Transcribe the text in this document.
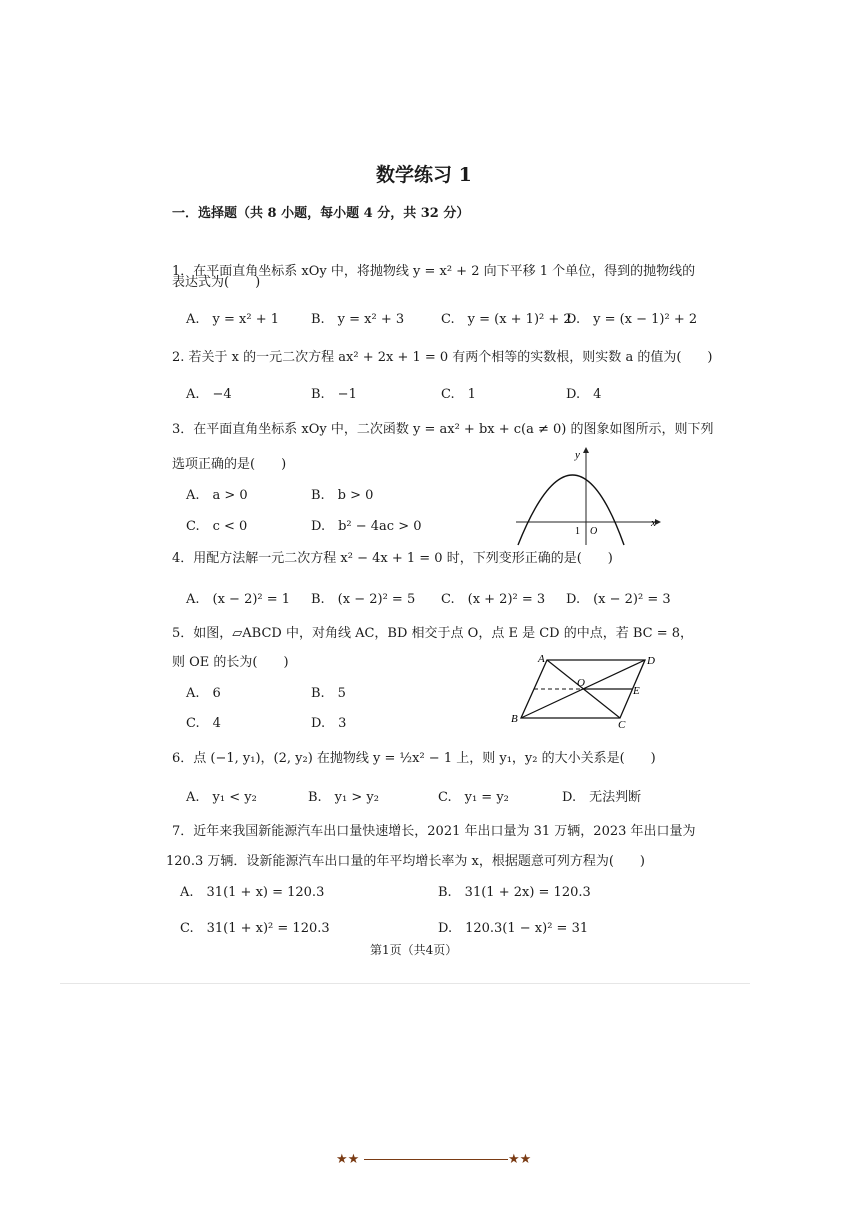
数学练习 1
一．选择题（共 8 小题，每小题 4 分，共 32 分）
1．在平面直角坐标系 xOy 中，将抛物线 y = x² + 2 向下平移 1 个单位，得到的抛物线的
表达式为(　　)
A.　y = x² + 1 B.　y = x² + 3	C.　y = (x + 1)² + 2
D.　y = (x − 1)² + 2
2. 若关于 x 的一元二次方程 ax² + 2x + 1 = 0 有两个相等的实数根，则实数 a 的值为(　　)
A.　−4	B.　−1	C.　1	D.　4
3．在平面直角坐标系 xOy 中，二次函数 y = ax² + bx + c(a ≠ 0) 的图象如图所示，则下列
选项正确的是(　　)
A.　a > 0	B.　b > 0
C.　c < 0	D.　b² − 4ac > 0
y
x
1 O
4．用配方法解一元二次方程 x² − 4x + 1 = 0 时，下列变形正确的是(　　)
A.　(x − 2)² = 1 B.　(x − 2)² = 5 C.　(x + 2)² = 3 D.　(x − 2)² = 3
5．如图，▱ABCD 中，对角线 AC，BD 相交于点 O，点 E 是 CD 的中点，若 BC = 8，
则 OE 的长为(　　)
A.　6	B.　5
C.　4	D.　3
A	D
B	C
O
E
6．点 (−1, y₁)，(2, y₂) 在抛物线 y = ½x² − 1 上，则 y₁，y₂ 的大小关系是(　　)
A.　y₁ < y₂	B.　y₁ > y₂	C.　y₁ = y₂	D.　无法判断
7．近年来我国新能源汽车出口量快速增长，2021 年出口量为 31 万辆，2023 年出口量为
120.3 万辆．设新能源汽车出口量的年平均增长率为 x，根据题意可列方程为(　　)
A.　31(1 + x) = 120.3	B.　31(1 + 2x) = 120.3
C.　31(1 + x)² = 120.3	D.　120.3(1 − x)² = 31
第1页（共4页）
★★	★★
